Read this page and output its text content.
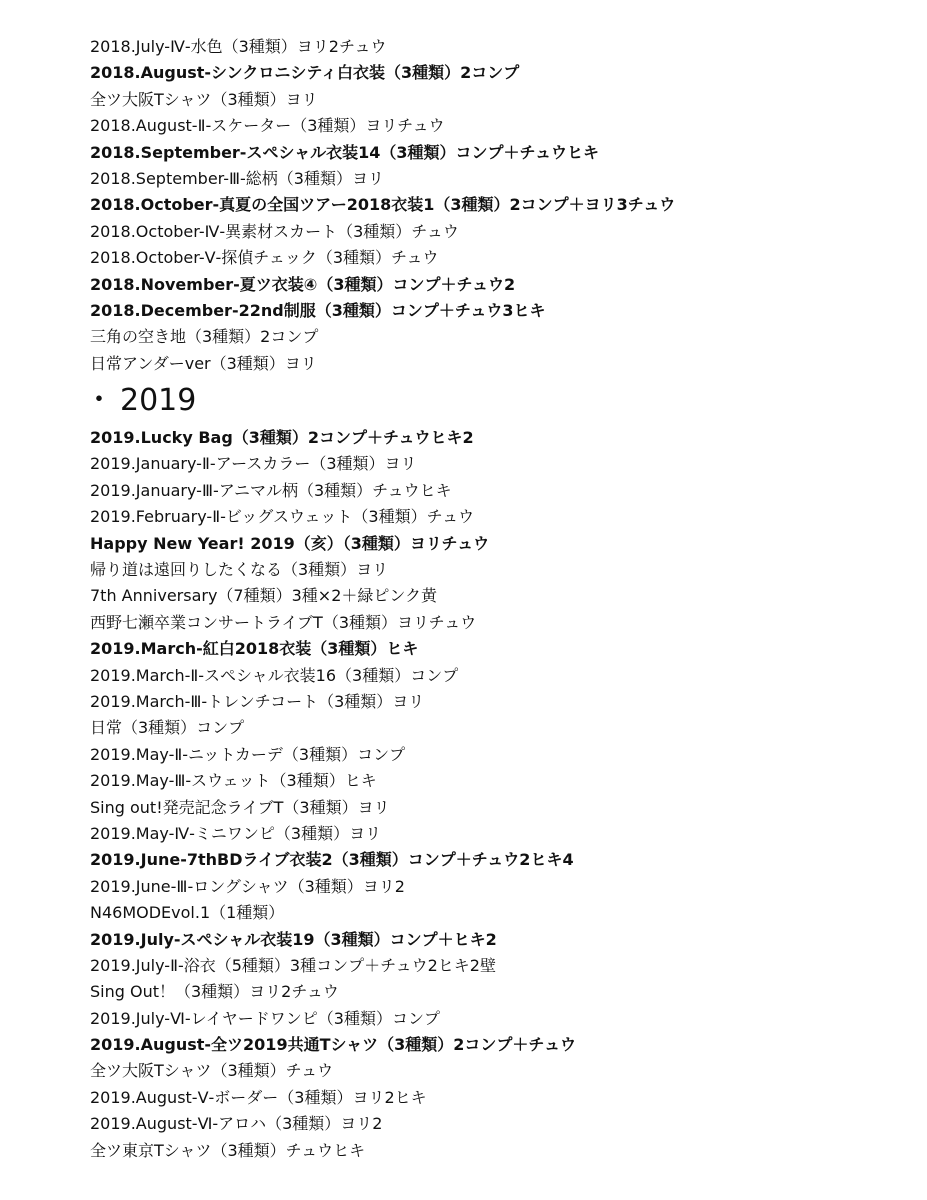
2018.July-Ⅳ-水色（3種類）ヨリ2チュウ
2018.August-シンクロニシティ白衣装（3種類）2コンプ
全ツ大阪Tシャツ（3種類）ヨリ
2018.August-Ⅱ-スケーター（3種類）ヨリチュウ
2018.September-スペシャル衣装14（3種類）コンプ＋チュウヒキ
2018.September-Ⅲ-総柄（3種類）ヨリ
2018.October-真夏の全国ツアー2018衣装1（3種類）2コンプ＋ヨリ3チュウ
2018.October-Ⅳ-異素材スカート（3種類）チュウ
2018.October-Ⅴ-探偵チェック（3種類）チュウ
2018.November-夏ツ衣装④（3種類）コンプ＋チュウ2
2018.December-22nd制服（3種類）コンプ＋チュウ3ヒキ
三角の空き地（3種類）2コンプ
日常アンダーver（3種類）ヨリ
・ 2019
2019.Lucky Bag（3種類）2コンプ＋チュウヒキ2
2019.January-Ⅱ-アースカラー（3種類）ヨリ
2019.January-Ⅲ-アニマル柄（3種類）チュウヒキ
2019.February-Ⅱ-ビッグスウェット（3種類）チュウ
Happy New Year! 2019（亥）（3種類）ヨリチュウ
帰り道は遠回りしたくなる（3種類）ヨリ
7th Anniversary（7種類）3種×2＋緑ピンク黄
西野七瀬卒業コンサートライブT（3種類）ヨリチュウ
2019.March-紅白2018衣装（3種類）ヒキ
2019.March-Ⅱ-スペシャル衣装16（3種類）コンプ
2019.March-Ⅲ-トレンチコート（3種類）ヨリ
日常（3種類）コンプ
2019.May-Ⅱ-ニットカーデ（3種類）コンプ
2019.May-Ⅲ-スウェット（3種類）ヒキ
Sing out!発売記念ライブT（3種類）ヨリ
2019.May-Ⅳ-ミニワンピ（3種類）ヨリ
2019.June-7thBDライブ衣装2（3種類）コンプ＋チュウ2ヒキ4
2019.June-Ⅲ-ロングシャツ（3種類）ヨリ2
N46MODEvol.1（1種類）
2019.July-スペシャル衣装19（3種類）コンプ＋ヒキ2
2019.July-Ⅱ-浴衣（5種類）3種コンプ＋チュウ2ヒキ2壁
Sing Out！（3種類）ヨリ2チュウ
2019.July-Ⅵ-レイヤードワンピ（3種類）コンプ
2019.August-全ツ2019共通Tシャツ（3種類）2コンプ＋チュウ
全ツ大阪Tシャツ（3種類）チュウ
2019.August-Ⅴ-ボーダー（3種類）ヨリ2ヒキ
2019.August-Ⅵ-アロハ（3種類）ヨリ2
全ツ東京Tシャツ（3種類）チュウヒキ
